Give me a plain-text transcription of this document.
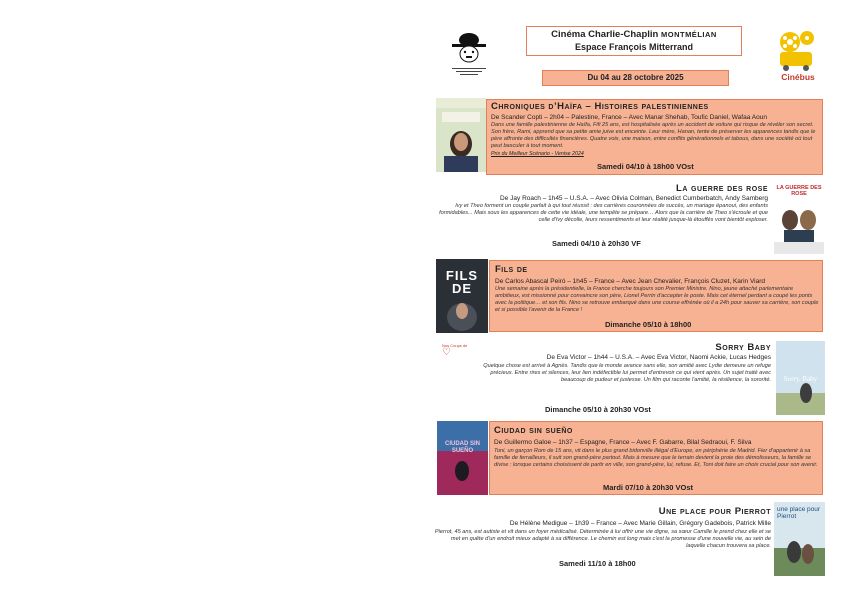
Cinébus
Cinéma Charlie-Chaplin MONTMÉLIAN
Espace François Mitterrand
Du 04 au 28 octobre 2025
Chroniques d’Haïfa – Histoires palestiniennes
De Scander Copti – 2h04 – Palestine, France – Avec Manar Shehab, Toufic Daniel, Wafaa Aoun
Dans une famille palestinienne de Haïfa, Fifi 25 ans, est hospitalisée après un accident de voiture qui risque de révéler son secret. Son frère, Rami, apprend que sa petite amie juive est enceinte. Leur mère, Hanan, tente de préserver les apparences tandis que le père affronte des difficultés financières. Quatre voix, une maison, entre conflits générationnels et tabous, dans une société où tout peut basculer à tout moment.
Prix du Meilleur Scénario - Venise 2024
Samedi 04/10 à 18h00 VOst
La guerre des rose
De Jay Roach – 1h45 – U.S.A. – Avec Olivia Colman, Benedict Cumberbatch, Andy Samberg
Ivy et Theo forment un couple parfait à qui tout réussit : des carrières couronnées de succès, un mariage épanoui, des enfants formidables... Mais sous les apparences de cette vie idéale, une tempête se prépare… Alors que la carrière de Theo s'écroule et que celle d'Ivy décolle, leurs ressentiments et leur réalité jusque-là étouffés vont bientôt exploser.
Samedi 04/10 à 20h30 VF
LA GUERRE DES ROSE
Fils de
De Carlos Abascal Peiró – 1h45 – France – Avec Jean Chevalier, François Cluzet, Karin Viard
Une semaine après la présidentielle, la France cherche toujours son Premier Ministre. Nino, jeune attaché parlementaire ambitieux, est missionné pour convaincre son père, Lionel Perrin d'accepter le poste. Mais cet éternel perdant a coupé les ponts avec la politique… et son fils. Nino se retrouve embarqué dans une course effrénée où il a 24h pour sauver sa carrière, son couple et si possible l'avenir de la France !
Dimanche 05/10 à 18h00
FILS DE
Nos Coups de
♡	Sorry Baby
De Eva Victor – 1h44 – U.S.A. – Avec Eva Victor, Naomi Ackie, Lucas Hedges
Quelque chose est arrivé à Agnès. Tandis que le monde avance sans elle, son amitié avec Lydie demeure un refuge précieux. Entre rires et silences, leur lien indéfectible lui permet d'entrevoir ce qui vient après. Un sujet traité avec beaucoup de pudeur et justesse. Un film qui raconte l'amitié, la résilience, la sororité.
Dimanche 05/10 à 20h30 VOst
Sorry, Baby
Ciudad sin sueño
De Guillermo Galoe – 1h37 – Espagne, France – Avec F. Gabarre, Bilal Sedraoui, F. Silva
Toni, un garçon Rom de 15 ans, vit dans le plus grand bidonville illégal d'Europe, en périphérie de Madrid. Fier d'appartenir à sa famille de ferrailleurs, il suit son grand-père partout. Mais à mesure que le terrain devient la proie des démolisseurs, la famille se divise : lorsque certains choisissent de partir en ville, son grand-père, lui, refuse. Et, Toni doit faire un choix crucial pour son avenir.
Mardi 07/10 à 20h30 VOst
CIUDAD SIN SUEÑO
Une place pour Pierrot
De Hélène Medigue – 1h39 – France – Avec Marie Gillain, Grégory Gadebois, Patrick Mille
Pierrot, 45 ans, est autiste et vit dans un foyer médicalisé. Déterminée à lui offrir une vie digne, sa sœur Camille le prend chez elle et se met en quête d'un endroit mieux adapté à sa différence. Le chemin est long mais c'est la promesse d'une nouvelle vie, au sein de laquelle chacun trouvera sa place.
Samedi 11/10 à 18h00
une place pour Pierrot
